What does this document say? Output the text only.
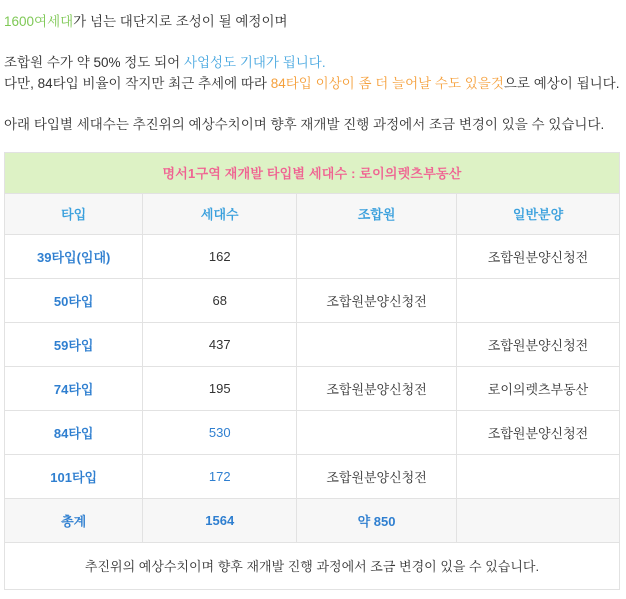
1600여세대가 넘는 대단지로 조성이 될 예정이며

조합원 수가 약 50% 정도 되어 사업성도 기대가 됩니다.

다만, 84타입 비율이 작지만 최근 추세에 따라 84타입 이상이 좀 더 늘어날 수도 있을것으로 예상이 됩니다.

아래 타입별 세대수는 추진위의 예상수치이며 향후 재개발 진행 과정에서 조금 변경이 있을 수 있습니다.

명서1구역 재개발 타입별 세대수 : 로이의렛츠부동산			
타입	세대수	조합원	일반분양
39타입(임대)	162		조합원분양신청전
50타입	68	조합원분양신청전	
59타입	437		조합원분양신청전
74타입	195	조합원분양신청전	로이의렛츠부동산
84타입	530		조합원분양신청전
101타입	172	조합원분양신청전	
총계	1564	약 850	
추진위의 예상수치이며 향후 재개발 진행 과정에서 조금 변경이 있을 수 있습니다.			
